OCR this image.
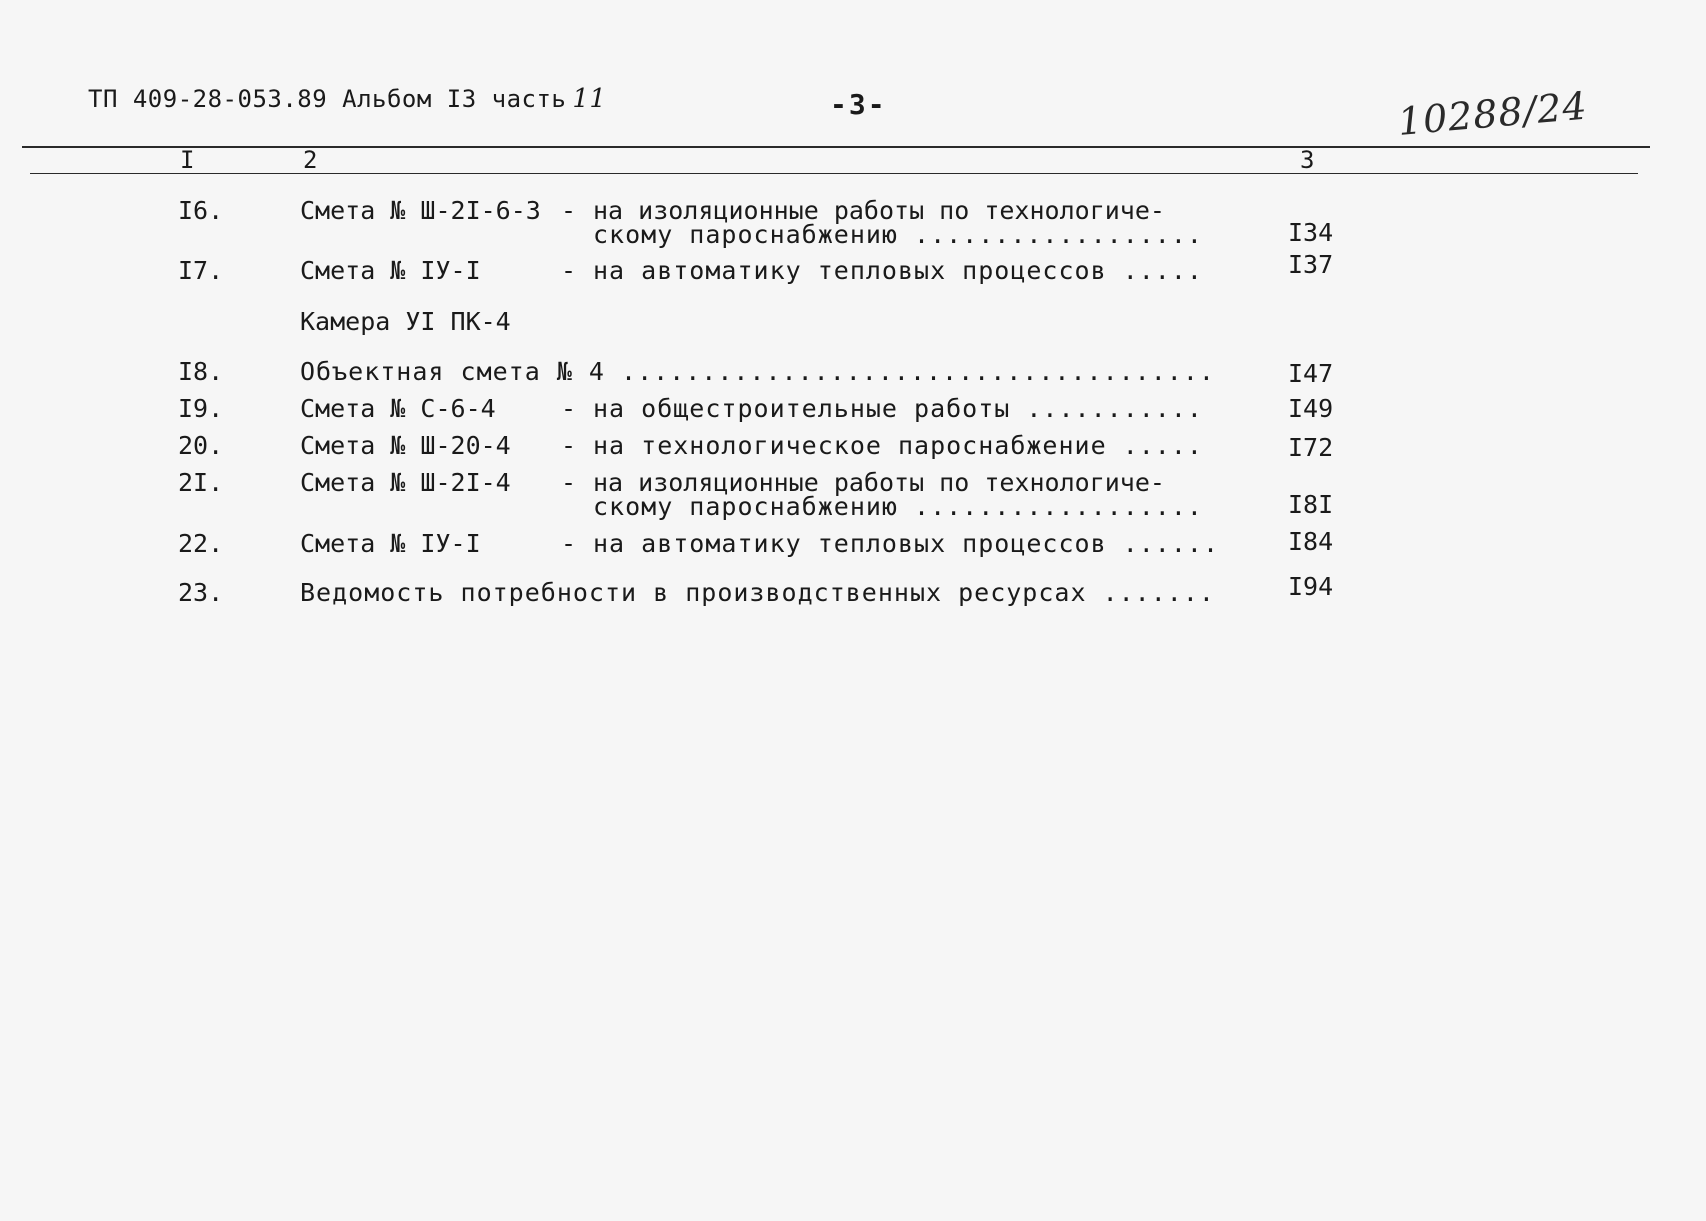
ТП 409-28-053.89 Альбом I3 часть 11	-3-	10288/24
I	2	3
I6.	Смета № Ш-2I-6-3 - на изоляционные работы по технологиче-
скому пароснабжению ..................	I34
I7.	Смета № IУ-I	- на автоматику тепловых процессов .....	I37
Камера УI ПК-4
I8.	Объектная смета № 4 .....................................	I47
I9.	Смета № С-6-4	- на общестроительные работы ...........	I49
20.	Смета № Ш-20-4 - на технологическое пароснабжение .....	I72
2I.	Смета № Ш-2I-4 - на изоляционные работы по технологиче-
скому пароснабжению ..................	I8I
22.	Смета № IУ-I	- на автоматику тепловых процессов ......	I84
23.	Ведомость потребности в производственных ресурсах .......	I94
